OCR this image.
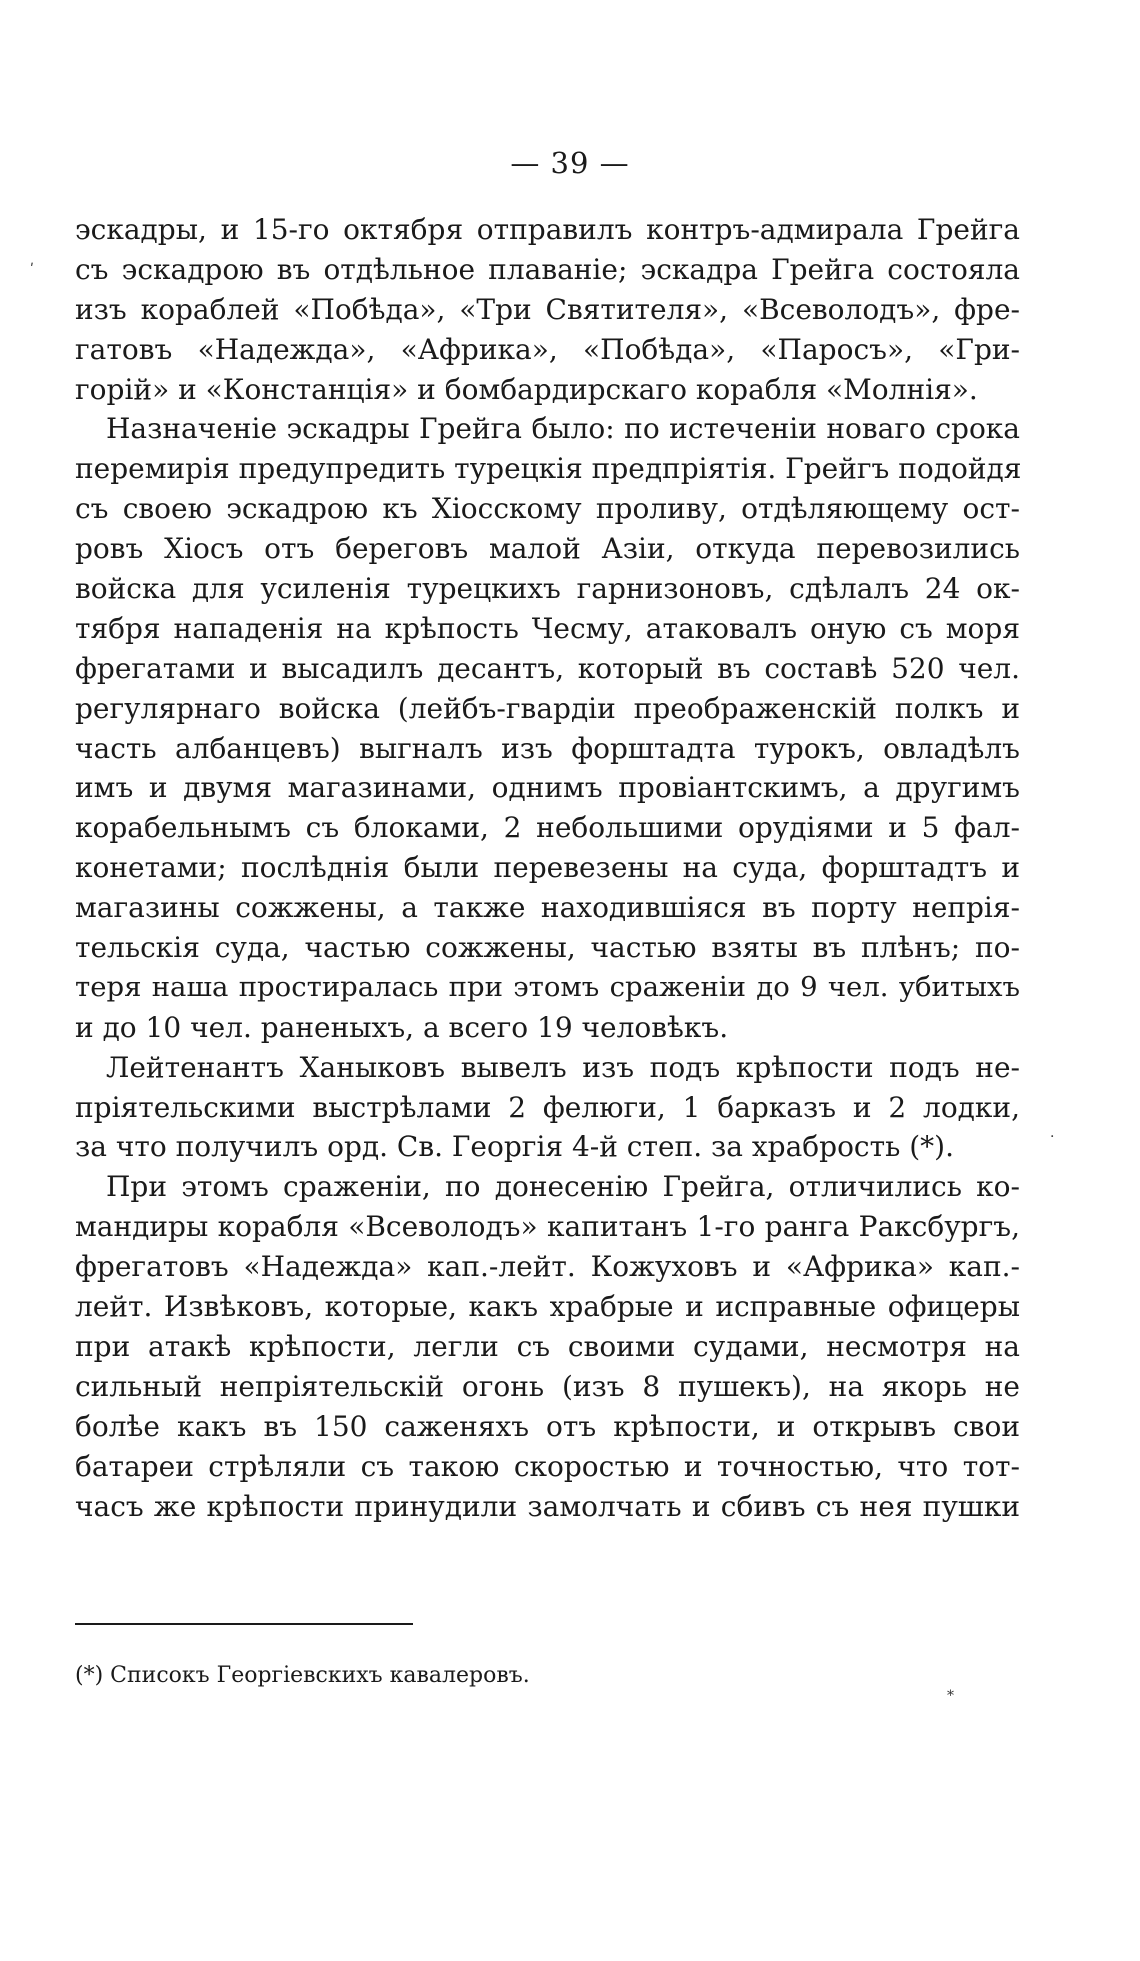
— 39 —
эскадры, и 15-го октября отправилъ контръ-адмирала Грейга
съ эскадрою въ отдѣльное плаваніе; эскадра Грейга состояла
изъ кораблей «Побѣда», «Три Святителя», «Всеволодъ», фре-
гатовъ «Надежда», «Африка», «Побѣда», «Паросъ», «Гри-
горій» и «Констанція» и бомбардирскаго корабля «Молнія».
Назначеніе эскадры Грейга было: по истеченіи новаго срока
перемирія предупредить турецкія предпріятія. Грейгъ подойдя
съ своею эскадрою къ Хіосскому проливу, отдѣляющему ост-
ровъ Хіосъ отъ береговъ малой Азіи, откуда перевозились
войска для усиленія турецкихъ гарнизоновъ, сдѣлалъ 24 ок-
тября нападенія на крѣпость Чесму, атаковалъ оную съ моря
фрегатами и высадилъ десантъ, который въ составѣ 520 чел.
регулярнаго войска (лейбъ-гвардіи преображенскій полкъ и
часть албанцевъ) выгналъ изъ форштадта турокъ, овладѣлъ
имъ и двумя магазинами, однимъ провіантскимъ, а другимъ
корабельнымъ съ блоками, 2 небольшими орудіями и 5 фал-
конетами; послѣднія были перевезены на суда, форштадтъ и
магазины сожжены, а также находившіяся въ порту непрія-
тельскія суда, частью сожжены, частью взяты въ плѣнъ; по-
теря наша простиралась при этомъ сраженіи до 9 чел. убитыхъ
и до 10 чел. раненыхъ, а всего 19 человѣкъ.
Лейтенантъ Ханыковъ вывелъ изъ подъ крѣпости подъ не-
пріятельскими выстрѣлами 2 фелюги, 1 барказъ и 2 лодки,
за что получилъ орд. Св. Георгія 4-й степ. за храбрость (*).
При этомъ сраженіи, по донесенію Грейга, отличились ко-
мандиры корабля «Всеволодъ» капитанъ 1-го ранга Раксбургъ,
фрегатовъ «Надежда» кап.-лейт. Кожуховъ и «Африка» кап.-
лейт. Извѣковъ, которые, какъ храбрые и исправные офицеры
при атакѣ крѣпости, легли съ своими судами, несмотря на
сильный непріятельскій огонь (изъ 8 пушекъ), на якорь не
болѣе какъ въ 150 саженяхъ отъ крѣпости, и открывъ свои
батареи стрѣляли съ такою скоростью и точностью, что тот-
часъ же крѣпости принудили замолчать и сбивъ съ нея пушки
(*) Списокъ Георгіевскихъ кавалеровъ.
ʹ
·
*
